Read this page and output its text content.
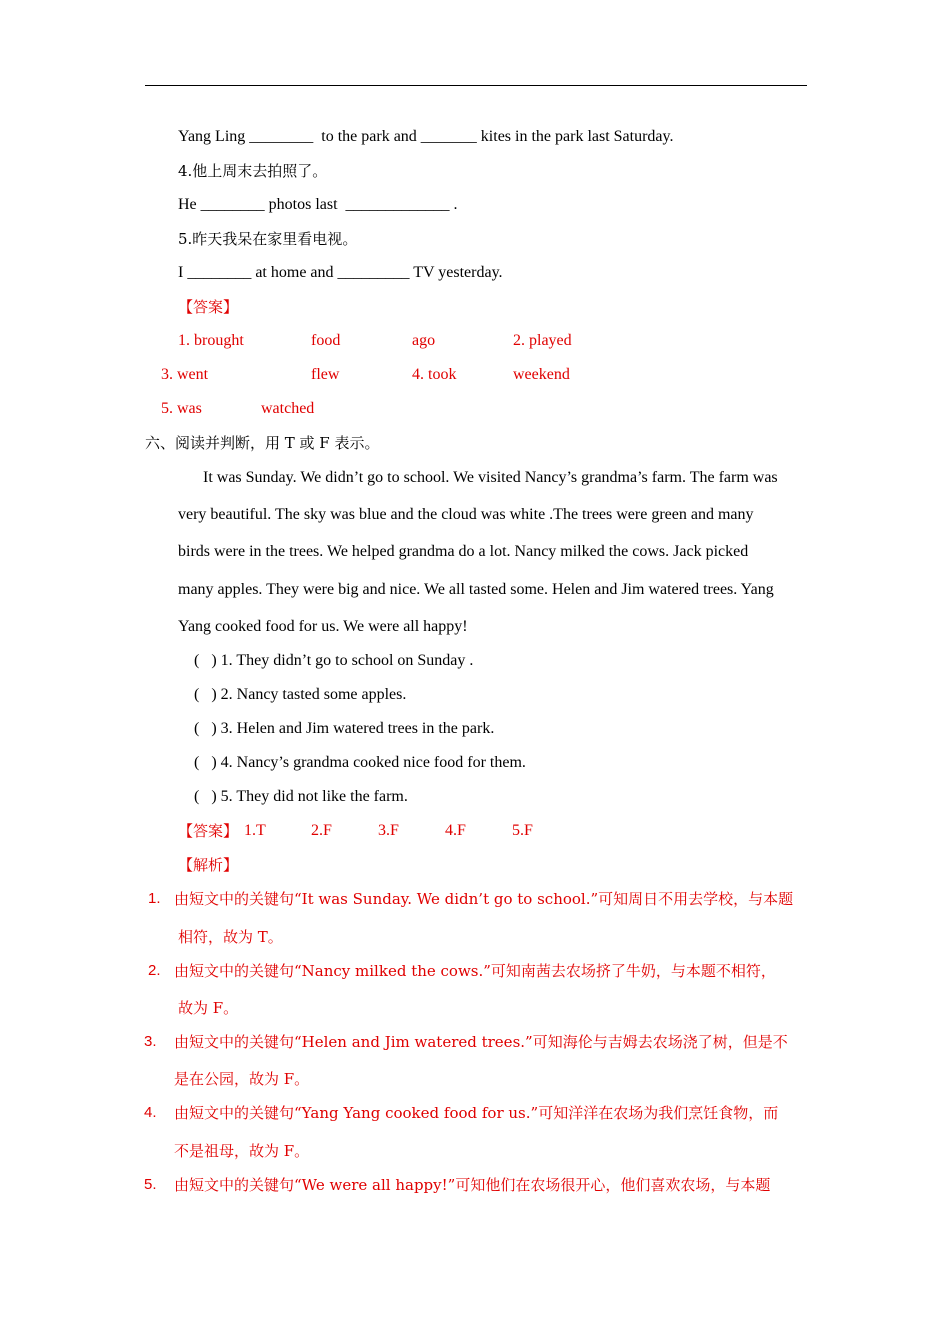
Yang Ling ________  to the park and _______ kites in the park last Saturday.
4.他上周末去拍照了。
He ________ photos last  _____________ .
5.昨天我呆在家里看电视。
I ________ at home and _________ TV yesterday.
【答案】
1. brought	food	ago	2. played
3. went	flew	4. took	weekend
5. was	watched
六、阅读并判断，用 T 或 F 表示。
It was Sunday. We didn’t go to school. We visited Nancy’s grandma’s farm. The farm was
very beautiful. The sky was blue and the cloud was white .The trees were green and many
birds were in the trees. We helped grandma do a lot. Nancy milked the cows. Jack picked
many apples. They were big and nice. We all tasted some. Helen and Jim watered trees. Yang
Yang cooked food for us. We were all happy!
(   ) 1. They didn’t go to school on Sunday .
(   ) 2. Nancy tasted some apples.
(   ) 3. Helen and Jim watered trees in the park.
(   ) 4. Nancy’s grandma cooked nice food for them.
(   ) 5. They did not like the farm.
【答案】 1.T	2.F	3.F	4.F	5.F
【解析】
1. 由短文中的关键句“It was Sunday. We didn’t go to school.”可知周日不用去学校，与本题
相符，故为 T。
2. 由短文中的关键句“Nancy milked the cows.”可知南茜去农场挤了牛奶，与本题不相符，
故为 F。
3. 由短文中的关键句“Helen and Jim watered trees.”可知海伦与吉姆去农场浇了树，但是不
是在公园，故为 F。
4. 由短文中的关键句“Yang Yang cooked food for us.”可知洋洋在农场为我们烹饪食物，而
不是祖母，故为 F。
5. 由短文中的关键句“We were all happy!”可知他们在农场很开心，他们喜欢农场，与本题
